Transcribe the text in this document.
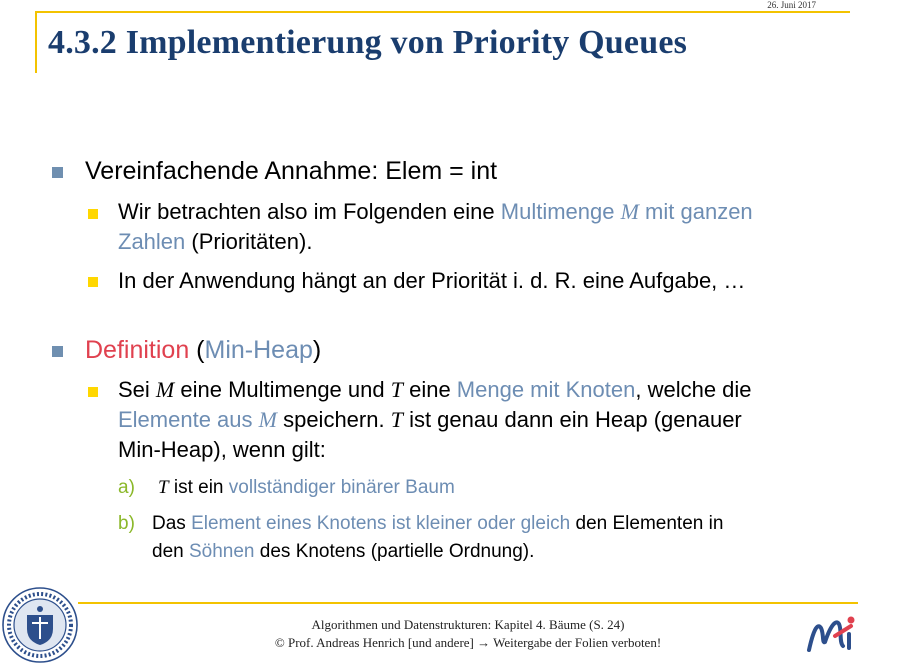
26. Juni 2017
4.3.2 Implementierung von Priority Queues
Vereinfachende Annahme: Elem = int
Wir betrachten also im Folgenden eine Multimenge M mit ganzen
Zahlen (Prioritäten).
In der Anwendung hängt an der Priorität i. d. R. eine Aufgabe, …
Definition (Min-Heap)
Sei M eine Multimenge und T eine Menge mit Knoten, welche die
Elemente aus M speichern. T ist genau dann ein Heap (genauer
Min-Heap), wenn gilt:
a) T ist ein vollständiger binärer Baum
b) Das Element eines Knotens ist kleiner oder gleich den Elementen in
den Söhnen des Knotens (partielle Ordnung).
Algorithmen und Datenstrukturen: Kapitel 4. Bäume (S. 24)
© Prof. Andreas Henrich [und andere] → Weitergabe der Folien verboten!
